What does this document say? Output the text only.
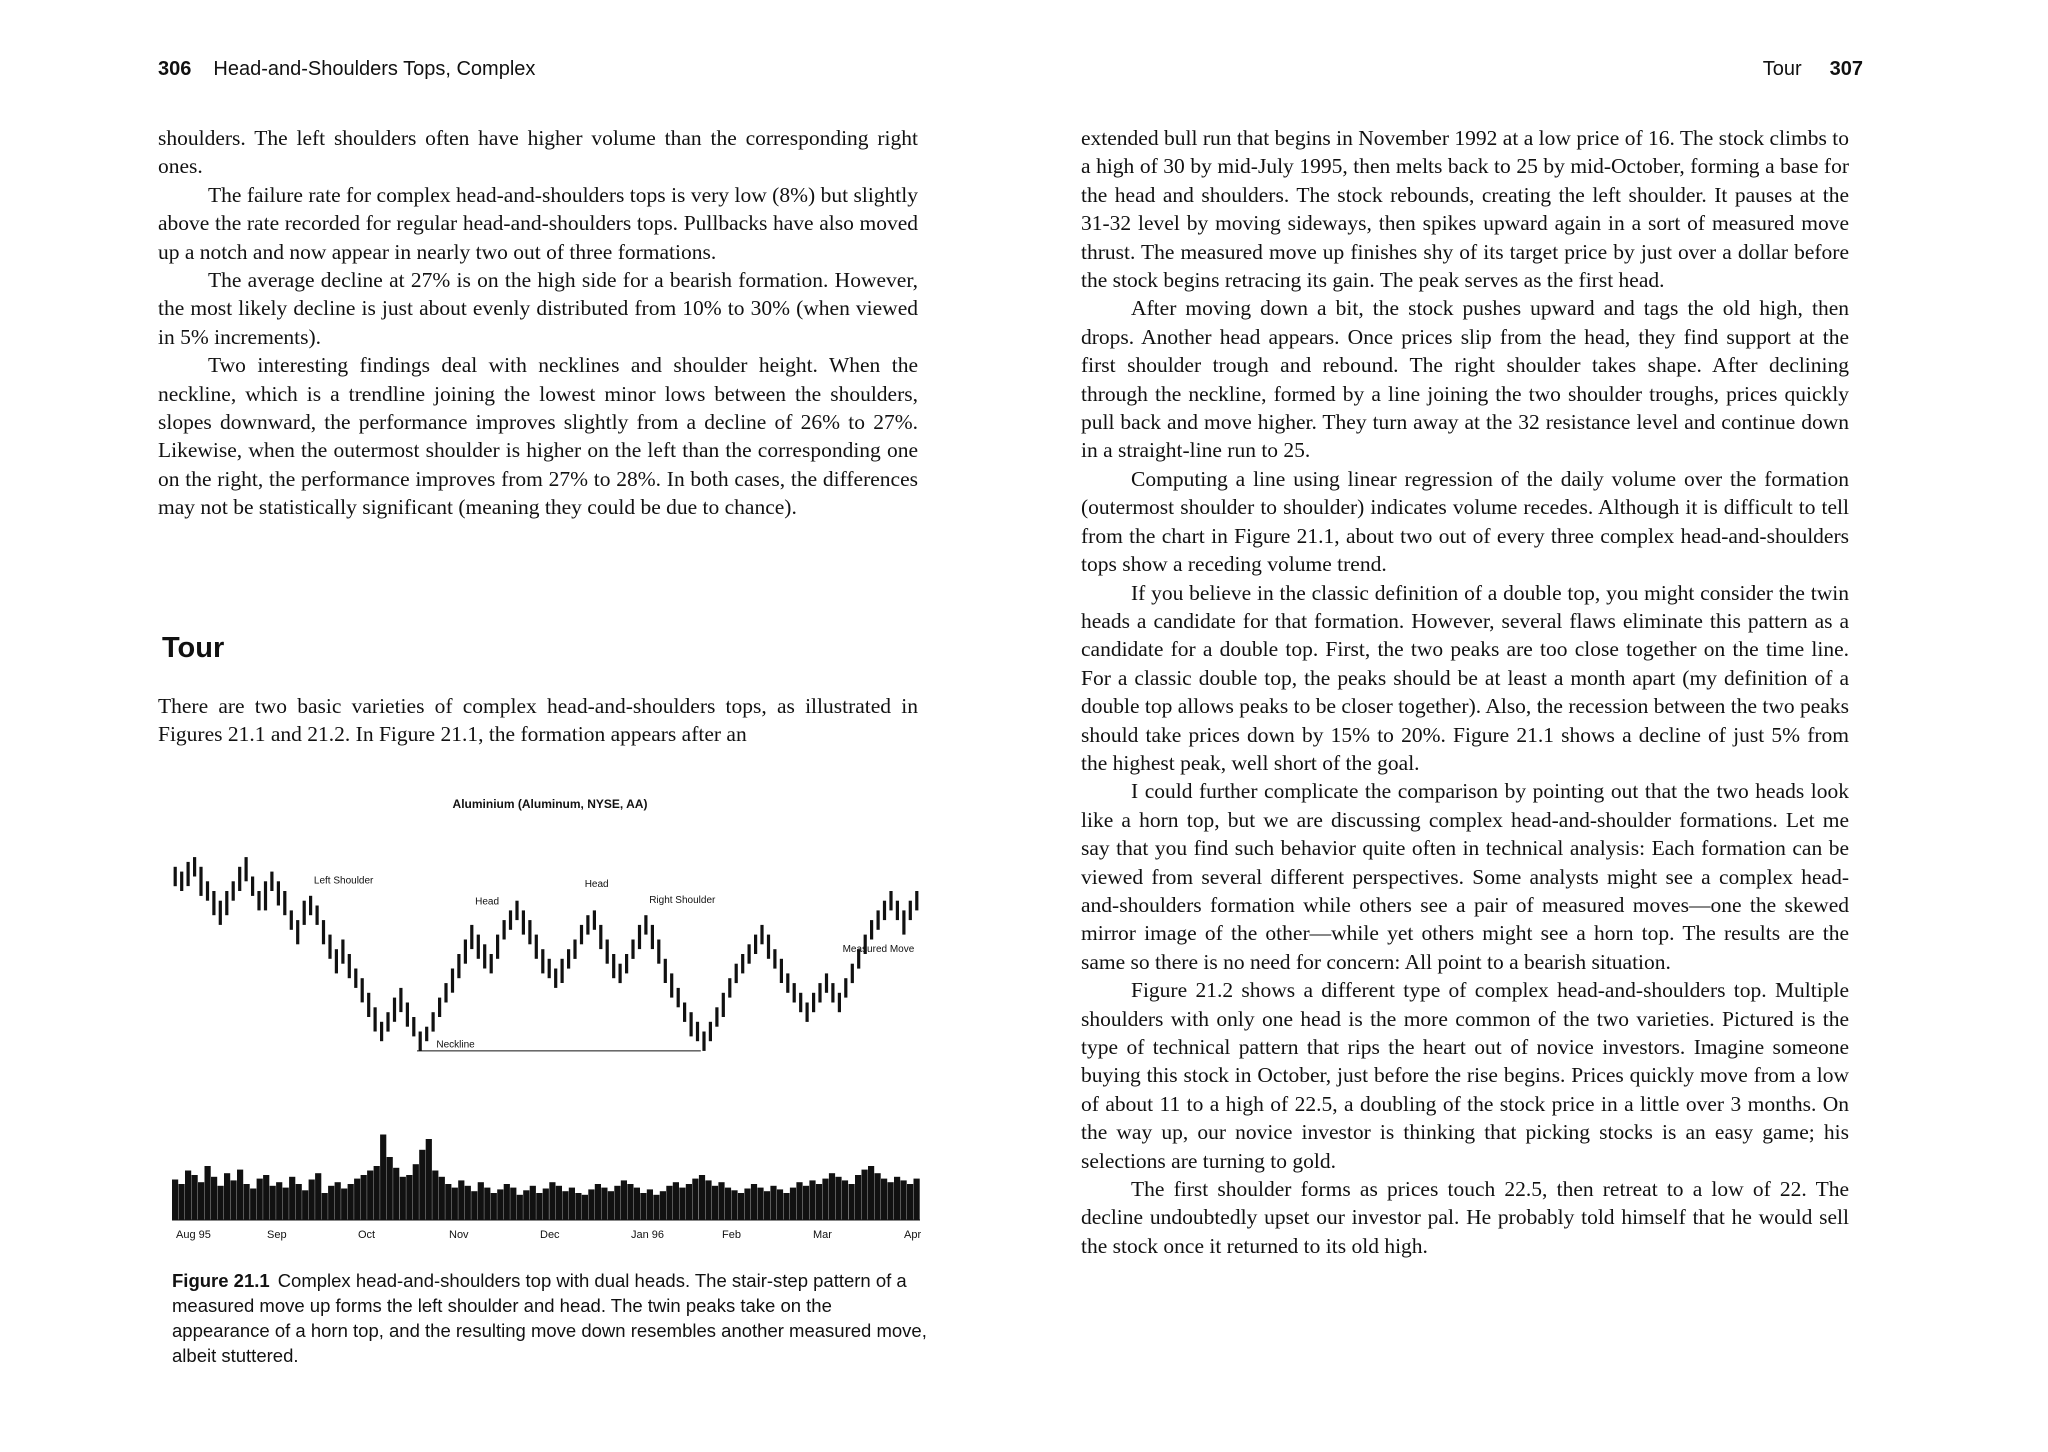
306 Head-and-Shoulders Tops, Complex

shoulders. The left shoulders often have higher volume than the corresponding right ones.

The failure rate for complex head-and-shoulders tops is very low (8%) but slightly above the rate recorded for regular head-and-shoulders tops. Pullbacks have also moved up a notch and now appear in nearly two out of three formations.

The average decline at 27% is on the high side for a bearish formation. However, the most likely decline is just about evenly distributed from 10% to 30% (when viewed in 5% increments).

Two interesting findings deal with necklines and shoulder height. When the neckline, which is a trendline joining the lowest minor lows between the shoulders, slopes downward, the performance improves slightly from a decline of 26% to 27%. Likewise, when the outermost shoulder is higher on the left than the corresponding one on the right, the performance improves from 27% to 28%. In both cases, the differences may not be statistically significant (meaning they could be due to chance).

Tour

There are two basic varieties of complex head-and-shoulders tops, as illustrated in Figures 21.1 and 21.2. In Figure 21.1, the formation appears after an

Aluminium (Aluminum, NYSE, AA)
Aug 95	Sep	Oct	Nov	Dec	Jan 96	Feb	Mar	Apr
Left Shoulder
Head
Head
Neckline
Right Shoulder
Measured Move
Figure 21.1 Complex head-and-shoulders top with dual heads. The stair-step pattern of a measured move up forms the left shoulder and head. The twin peaks take on the appearance of a horn top, and the resulting move down resembles another measured move, albeit stuttered.
Tour 307

extended bull run that begins in November 1992 at a low price of 16. The stock climbs to a high of 30 by mid-July 1995, then melts back to 25 by mid-October, forming a base for the head and shoulders. The stock rebounds, creating the left shoulder. It pauses at the 31-32 level by moving sideways, then spikes upward again in a sort of measured move thrust. The measured move up finishes shy of its target price by just over a dollar before the stock begins retracing its gain. The peak serves as the first head.

After moving down a bit, the stock pushes upward and tags the old high, then drops. Another head appears. Once prices slip from the head, they find support at the first shoulder trough and rebound. The right shoulder takes shape. After declining through the neckline, formed by a line joining the two shoulder troughs, prices quickly pull back and move higher. They turn away at the 32 resistance level and continue down in a straight-line run to 25.

Computing a line using linear regression of the daily volume over the formation (outermost shoulder to shoulder) indicates volume recedes. Although it is difficult to tell from the chart in Figure 21.1, about two out of every three complex head-and-shoulders tops show a receding volume trend.

If you believe in the classic definition of a double top, you might consider the twin heads a candidate for that formation. However, several flaws eliminate this pattern as a candidate for a double top. First, the two peaks are too close together on the time line. For a classic double top, the peaks should be at least a month apart (my definition of a double top allows peaks to be closer together). Also, the recession between the two peaks should take prices down by 15% to 20%. Figure 21.1 shows a decline of just 5% from the highest peak, well short of the goal.

I could further complicate the comparison by pointing out that the two heads look like a horn top, but we are discussing complex head-and-shoulder formations. Let me say that you find such behavior quite often in technical analysis: Each formation can be viewed from several different perspectives. Some analysts might see a complex head-and-shoulders formation while others see a pair of measured moves—one the skewed mirror image of the other—while yet others might see a horn top. The results are the same so there is no need for concern: All point to a bearish situation.

Figure 21.2 shows a different type of complex head-and-shoulders top. Multiple shoulders with only one head is the more common of the two varieties. Pictured is the type of technical pattern that rips the heart out of novice investors. Imagine someone buying this stock in October, just before the rise begins. Prices quickly move from a low of about 11 to a high of 22.5, a doubling of the stock price in a little over 3 months. On the way up, our novice investor is thinking that picking stocks is an easy game; his selections are turning to gold.

The first shoulder forms as prices touch 22.5, then retreat to a low of 22. The decline undoubtedly upset our investor pal. He probably told himself that he would sell the stock once it returned to its old high.
